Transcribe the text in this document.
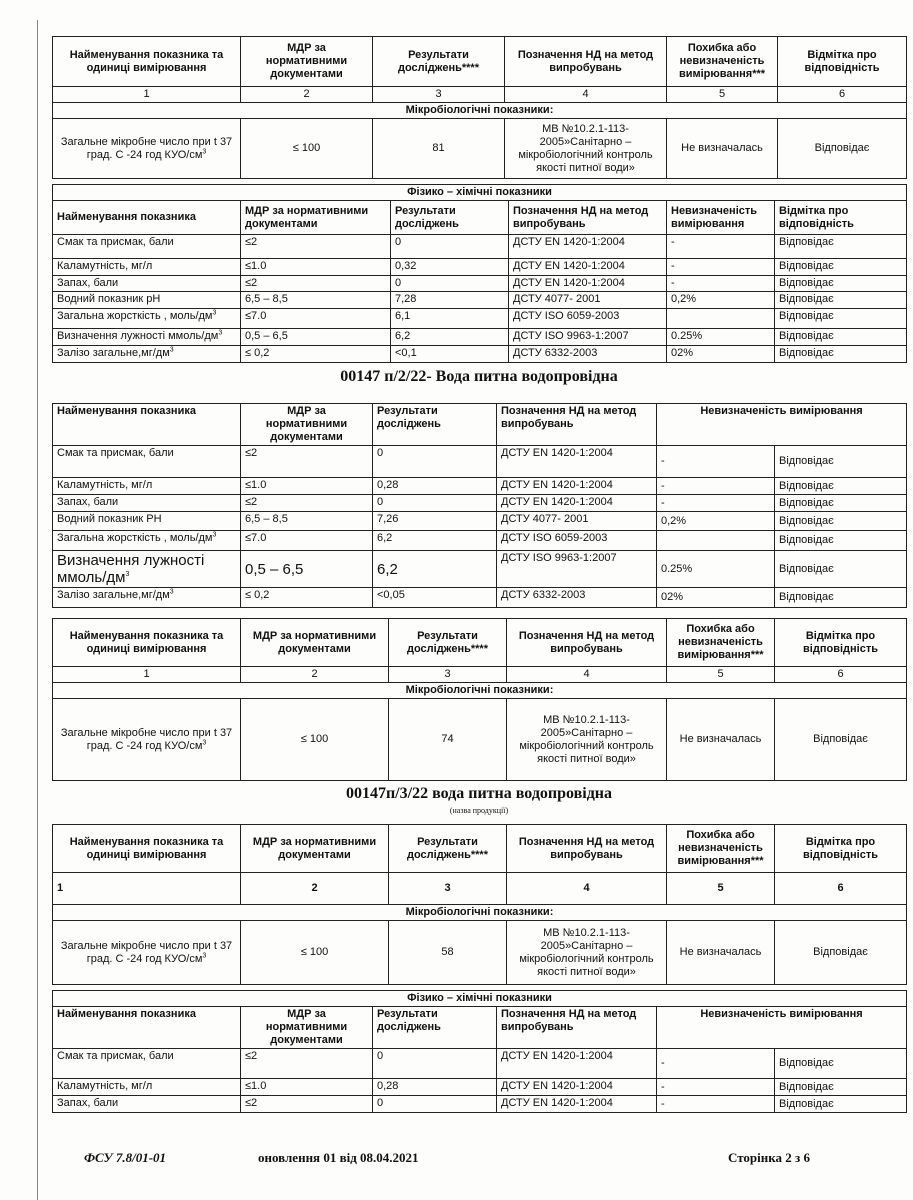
Найменування показника та одиниці вимірювання	МДР за нормативними документами	Результати досліджень****	Позначення НД на метод випробувань	Похибка або невизначеність вимірювання***	Відмітка про відповідність
1	2	3	4	5	6
Мікробіологічні показники:					
Загальне мікробне число при t 37 град. С -24 год КУО/$см^3$	≤ 100	81	МВ №10.2.1-113-2005»Санітарно – мікробіологічний контроль якості питної води»	Не визначалась	Відповідає
Фізико – хімічні показники					
Найменування показника	МДР за нормативними документами	Результати досліджень	Позначення НД на метод випробувань	Невизначеність вимірювання	Відмітка про відповідність
Смак та присмак, бали	≤2	0	ДСТУ EN 1420-1:2004	-	Відповідає
Каламутність, мг/л	≤1.0	0,32	ДСТУ EN 1420-1:2004	-	Відповідає
Запах, бали	≤2	0	ДСТУ EN 1420-1:2004	-	Відповідає
Водний показник рН	6,5 – 8,5	7,28	ДСТУ 4077- 2001	0,2%	Відповідає
Загальна жорсткість , моль/$дм^3$	≤7.0	6,1	ДСТУ ISO 6059-2003		Відповідає
Визначення лужності ммоль/$дм^3$	0,5 – 6,5	6,2	ДСТУ ISO 9963-1:2007	0.25%	Відповідає
Залізо $загальне,мг/дм^3$	≤ 0,2	<0,1	ДСТУ 6332-2003	02%	Відповідає
00147 п/2/22- Вода питна водопровідна
Найменування показника	МДР за нормативними документами	Результати досліджень	Позначення НД на метод випробувань	Невизначеність вимірювання	
Смак та присмак, бали	≤2	0	ДСТУ EN 1420-1:2004	-	Відповідає
Каламутність, мг/л	≤1.0	0,28	ДСТУ EN 1420-1:2004	-	Відповідає
Запах, бали	≤2	0	ДСТУ EN 1420-1:2004	-	Відповідає
Водний показник РН	6,5 – 8,5	7,26	ДСТУ 4077- 2001	0,2%	Відповідає
Загальна жорсткість , моль/$дм^3$	≤7.0	6,2	ДСТУ ISO 6059-2003		Відповідає
Визначення лужності ммоль/$дм^3$	0,5 – 6,5	6,2	ДСТУ ISO 9963-1:2007	0.25%	Відповідає
Залізо $загальне,мг/дм^3$	≤ 0,2	<0,05	ДСТУ 6332-2003	02%	Відповідає
Найменування показника та одиниці вимірювання	МДР за нормативними документами	Результати досліджень****	Позначення НД на метод випробувань	Похибка або невизначеність вимірювання***	Відмітка про відповідність
1	2	3	4	5	6
Мікробіологічні показники:					
Загальне мікробне число при t 37 град. С -24 год КУО/$см^3$	≤ 100	74	МВ №10.2.1-113-2005»Санітарно – мікробіологічний контроль якості питної води»	Не визначалась	Відповідає
00147п/3/22 вода питна водопровідна
(назва продукції)
Найменування показника та одиниці вимірювання	МДР за нормативними документами	Результати досліджень****	Позначення НД на метод випробувань	Похибка або невизначеність вимірювання***	Відмітка про відповідність
1	2	3	4	5	6
Мікробіологічні показники:					
Загальне мікробне число при t 37 град. С -24 год КУО/$см^3$	≤ 100	58	МВ №10.2.1-113-2005»Санітарно – мікробіологічний контроль якості питної води»	Не визначалась	Відповідає
Фізико – хімічні показники					
Найменування показника	МДР за нормативними документами	Результати досліджень	Позначення НД на метод випробувань	Невизначеність вимірювання	
Смак та присмак, бали	≤2	0	ДСТУ EN 1420-1:2004	-	Відповідає
Каламутність, мг/л	≤1.0	0,28	ДСТУ EN 1420-1:2004	-	Відповідає
Запах, бали	≤2	0	ДСТУ EN 1420-1:2004	-	Відповідає
ФСУ 7.8/01-01	оновлення 01 від 08.04.2021	Сторінка 2 з 6
